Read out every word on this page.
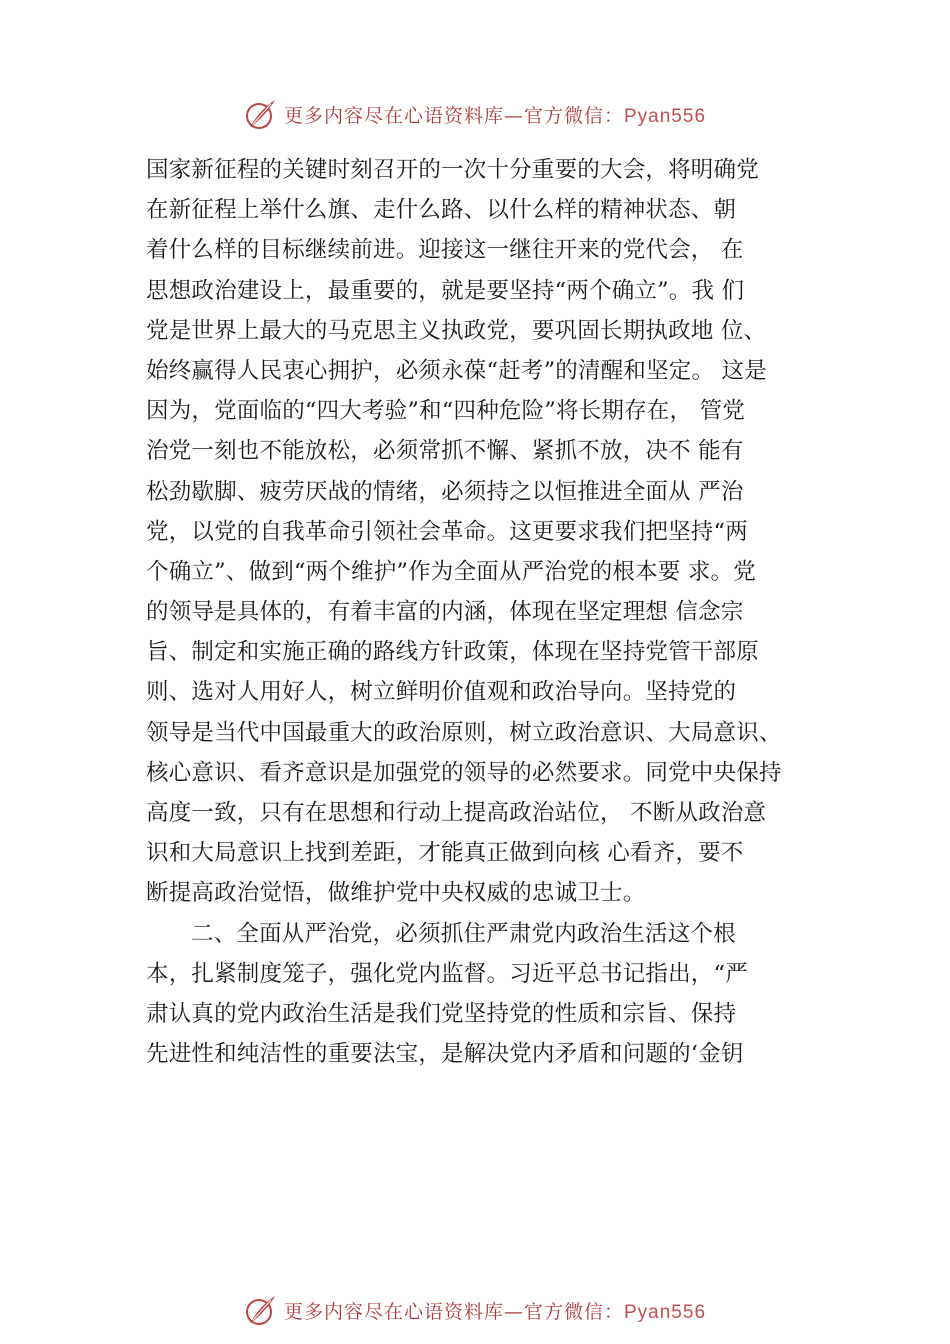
更多内容尽在心语资料库—官方微信：Pyan556
国家新征程的关键时刻召开的一次十分重要的大会，将明确党
在新征程上举什么旗、走什么路、以什么样的精神状态、朝
着什么样的目标继续前进。迎接这一继往开来的党代会， 在
思想政治建设上，最重要的，就是要坚持“两个确立”。我 们
党是世界上最大的马克思主义执政党，要巩固长期执政地 位、
始终赢得人民衷心拥护，必须永葆“赶考”的清醒和坚定。 这是
因为，党面临的“四大考验”和“四种危险”将长期存在， 管党
治党一刻也不能放松，必须常抓不懈、紧抓不放，决不 能有
松劲歇脚、疲劳厌战的情绪，必须持之以恒推进全面从 严治
党，以党的自我革命引领社会革命。这更要求我们把坚持“两
个确立”、做到“两个维护”作为全面从严治党的根本要 求。党
的领导是具体的，有着丰富的内涵，体现在坚定理想 信念宗
旨、制定和实施正确的路线方针政策，体现在坚持党管干部原
则、选对人用好人，树立鲜明价值观和政治导向。坚持党的
领导是当代中国最重大的政治原则，树立政治意识、大局意识、
核心意识、看齐意识是加强党的领导的必然要求。同党中央保持
高度一致，只有在思想和行动上提高政治站位， 不断从政治意
识和大局意识上找到差距，才能真正做到向核 心看齐，要不
断提高政治觉悟，做维护党中央权威的忠诚卫士。
二、全面从严治党，必须抓住严肃党内政治生活这个根
本，扎紧制度笼子，强化党内监督。习近平总书记指出，“严
肃认真的党内政治生活是我们党坚持党的性质和宗旨、保持
先进性和纯洁性的重要法宝，是解决党内矛盾和问题的‘金钥
更多内容尽在心语资料库—官方微信：Pyan556
